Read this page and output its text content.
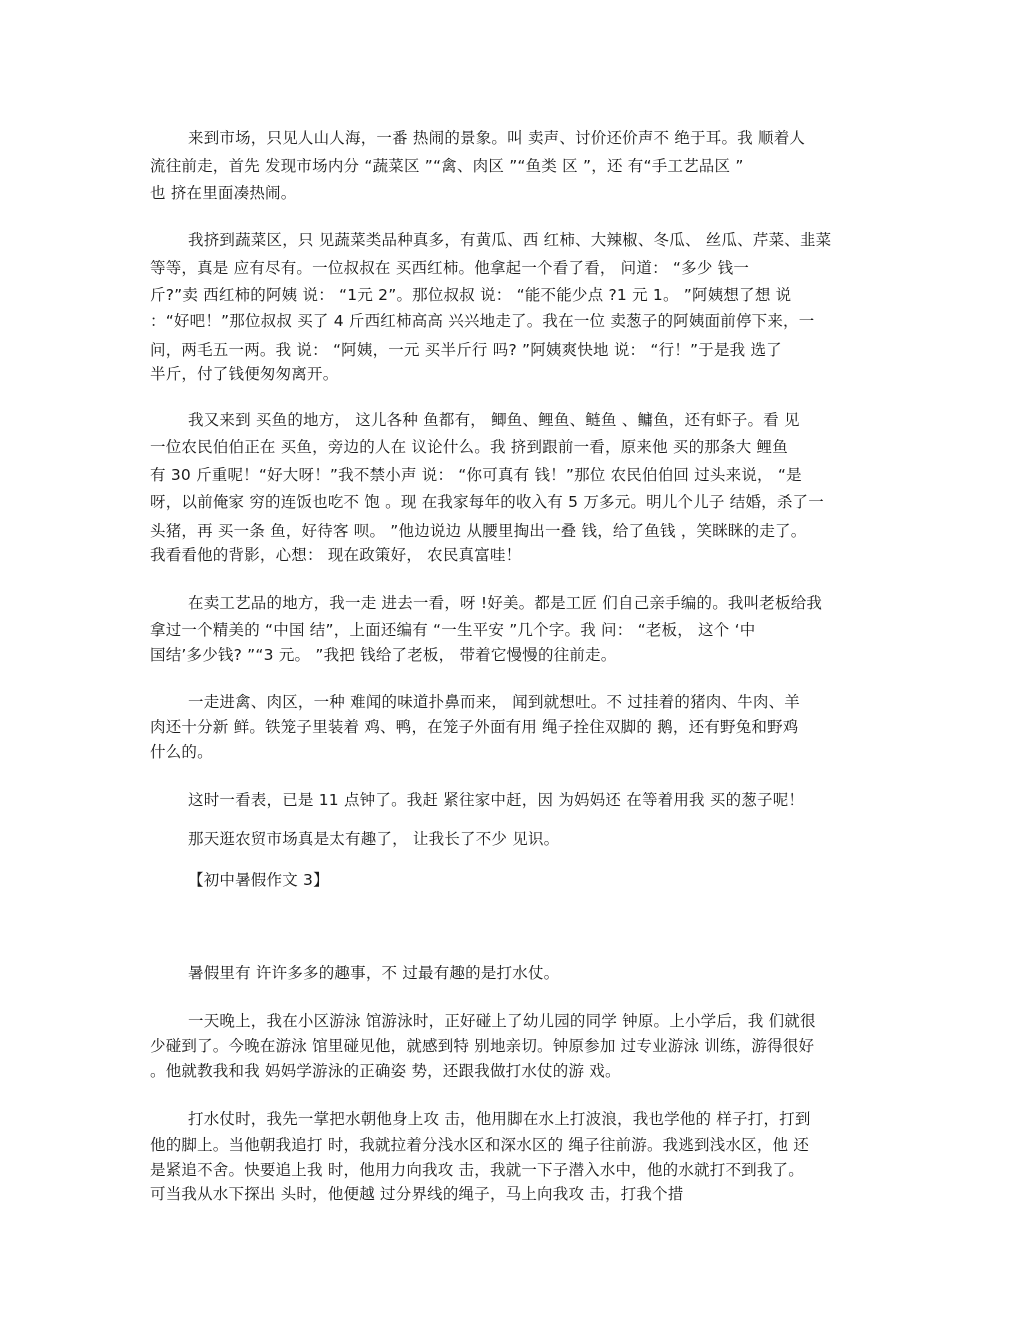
来到市场，只见人山人海，一番 热闹的景象。叫 卖声、讨价还价声不 绝于耳。我 顺着人
流往前走，首先 发现市场内分 “蔬菜区 ”“禽、肉区 ”“鱼类 区 ”，还 有“手工艺品区 ”
也 挤在里面凑热闹。
我挤到蔬菜区，只 见蔬菜类品种真多，有黄瓜、西 红柿、大辣椒、冬瓜、 丝瓜、芹菜、韭菜
等等，真是 应有尽有。一位叔叔在 买西红柿。他拿起一个看了看， 问道： “多少 钱一
斤?”卖 西红柿的阿姨 说： “1元 2”。那位叔叔 说： “能不能少点 ?1 元 1。 ”阿姨想了想 说
：“好吧！”那位叔叔 买了 4 斤西红柿高高 兴兴地走了。我在一位 卖葱子的阿姨面前停下来，一
问，两毛五一两。我 说： “阿姨，一元 买半斤行 吗? ”阿姨爽快地 说： “行！”于是我 选了
半斤，付了钱便匆匆离开。
我又来到 买鱼的地方， 这儿各种 鱼都有， 鲫鱼、鲤鱼、鲢鱼 、鳙鱼，还有虾子。看 见
一位农民伯伯正在 买鱼，旁边的人在 议论什么。我 挤到跟前一看，原来他 买的那条大 鲤鱼
有 30 斤重呢！“好大呀！”我不禁小声 说： “你可真有 钱！”那位 农民伯伯回 过头来说， “是
呀，以前俺家 穷的连饭也吃不 饱 。现 在我家每年的收入有 5 万多元。明儿个儿子 结婚，杀了一
头猪，再 买一条 鱼，好待客 呗。 ”他边说边 从腰里掏出一叠 钱，给了鱼钱 ，笑眯眯的走了。
我看看他的背影，心想： 现在政策好， 农民真富哇！
在卖工艺品的地方，我一走 进去一看，呀 !好美。都是工匠 们自己亲手编的。我叫老板给我
拿过一个精美的 “中国 结”，上面还编有 “一生平安 ”几个字。我 问： “老板， 这个 ‘中
国结’多少钱? ”“3 元。 ”我把 钱给了老板， 带着它慢慢的往前走。
一走进禽、肉区，一种 难闻的味道扑鼻而来， 闻到就想吐。不 过挂着的猪肉、牛肉、羊
肉还十分新 鲜。铁笼子里装着 鸡、鸭，在笼子外面有用 绳子拴住双脚的 鹅，还有野兔和野鸡
什么的。
这时一看表，已是 11 点钟了。我赶 紧往家中赶，因 为妈妈还 在等着用我 买的葱子呢！
那天逛农贸市场真是太有趣了， 让我长了不少 见识。
【初中暑假作文 3】
暑假里有 许许多多的趣事，不 过最有趣的是打水仗。
一天晚上，我在小区游泳 馆游泳时，正好碰上了幼儿园的同学 钟原。上小学后，我 们就很
少碰到了。今晚在游泳 馆里碰见他，就感到特 别地亲切。钟原参加 过专业游泳 训练，游得很好
。他就教我和我 妈妈学游泳的正确姿 势，还跟我做打水仗的游 戏。
打水仗时，我先一掌把水朝他身上攻 击，他用脚在水上打波浪，我也学他的 样子打，打到
他的脚上。当他朝我追打 时，我就拉着分浅水区和深水区的 绳子往前游。我逃到浅水区，他 还
是紧追不舍。快要追上我 时，他用力向我攻 击，我就一下子潜入水中，他的水就打不到我了。
可当我从水下探出 头时，他便越 过分界线的绳子，马上向我攻 击，打我个措
